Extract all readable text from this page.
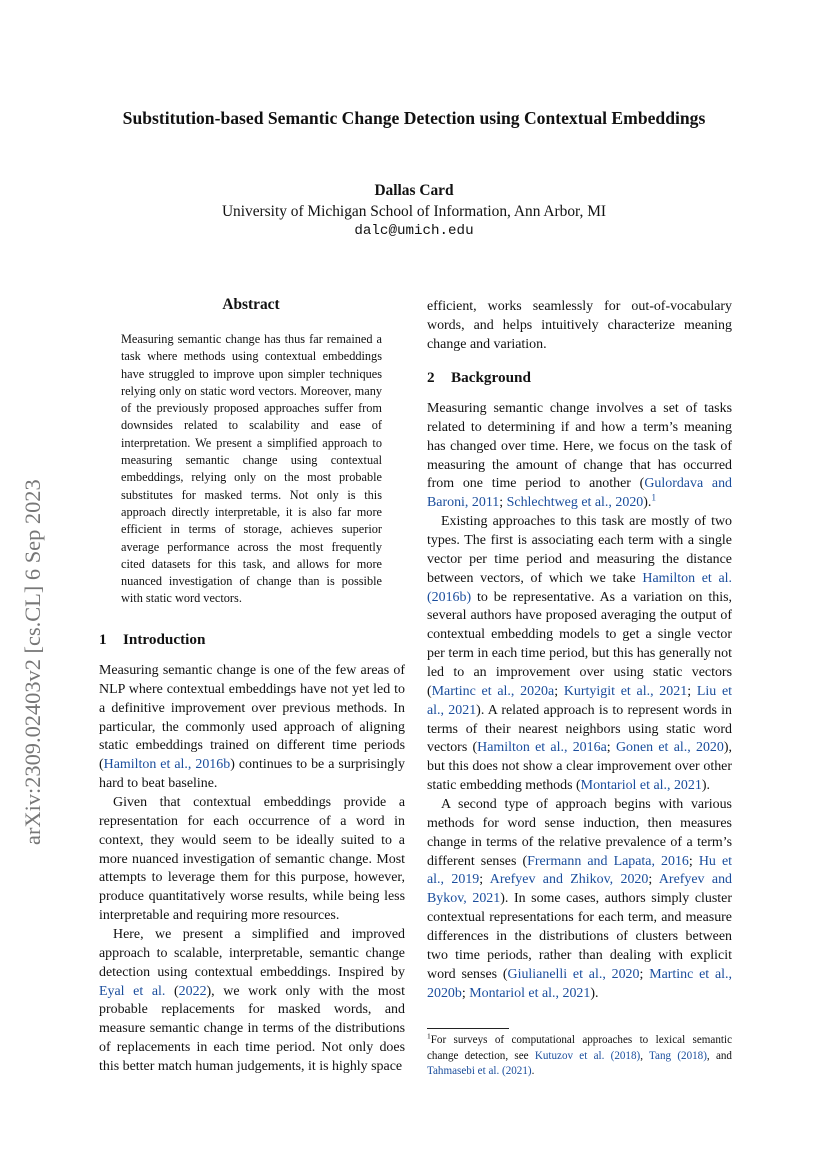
Substitution-based Semantic Change Detection using Contextual Embeddings
Dallas Card
University of Michigan School of Information, Ann Arbor, MI
dalc@umich.edu
arXiv:2309.02403v2 [cs.CL] 6 Sep 2023
Abstract
Measuring semantic change has thus far remained a task where methods using contextual embeddings have struggled to improve upon simpler techniques relying only on static word vectors. Moreover, many of the previously proposed approaches suffer from downsides related to scalability and ease of interpretation. We present a simplified approach to measuring semantic change using contextual embeddings, relying only on the most probable substitutes for masked terms. Not only is this approach directly interpretable, it is also far more efficient in terms of storage, achieves superior average performance across the most frequently cited datasets for this task, and allows for more nuanced investigation of change than is possible with static word vectors.
1 Introduction
Measuring semantic change is one of the few areas of NLP where contextual embeddings have not yet led to a definitive improvement over previous methods. In particular, the commonly used approach of aligning static embeddings trained on different time periods (Hamilton et al., 2016b) continues to be a surprisingly hard to beat baseline.
Given that contextual embeddings provide a representation for each occurrence of a word in context, they would seem to be ideally suited to a more nuanced investigation of semantic change. Most attempts to leverage them for this purpose, however, produce quantitatively worse results, while being less interpretable and requiring more resources.
Here, we present a simplified and improved approach to scalable, interpretable, semantic change detection using contextual embeddings. Inspired by Eyal et al. (2022), we work only with the most probable replacements for masked words, and measure semantic change in terms of the distributions of replacements in each time period. Not only does this better match human judgements, it is highly space
efficient, works seamlessly for out-of-vocabulary words, and helps intuitively characterize meaning change and variation.
2 Background
Measuring semantic change involves a set of tasks related to determining if and how a term’s meaning has changed over time. Here, we focus on the task of measuring the amount of change that has occurred from one time period to another (Gulordava and Baroni, 2011; Schlechtweg et al., 2020).$^1$
Existing approaches to this task are mostly of two types. The first is associating each term with a single vector per time period and measuring the distance between vectors, of which we take Hamilton et al. (2016b) to be representative. As a variation on this, several authors have proposed averaging the output of contextual embedding models to get a single vector per term in each time period, but this has generally not led to an improvement over using static vectors (Martinc et al., 2020a; Kurtyigit et al., 2021; Liu et al., 2021). A related approach is to represent words in terms of their nearest neighbors using static word vectors (Hamilton et al., 2016a; Gonen et al., 2020), but this does not show a clear improvement over other static embedding methods (Montariol et al., 2021).
A second type of approach begins with various methods for word sense induction, then measures change in terms of the relative prevalence of a term’s different senses (Frermann and Lapata, 2016; Hu et al., 2019; Arefyev and Zhikov, 2020; Arefyev and Bykov, 2021). In some cases, authors simply cluster contextual representations for each term, and measure differences in the distributions of clusters between two time periods, rather than dealing with explicit word senses (Giulianelli et al., 2020; Martinc et al., 2020b; Montariol et al., 2021).
$^1$For surveys of computational approaches to lexical semantic change detection, see Kutuzov et al. (2018), Tang (2018), and Tahmasebi et al. (2021).
